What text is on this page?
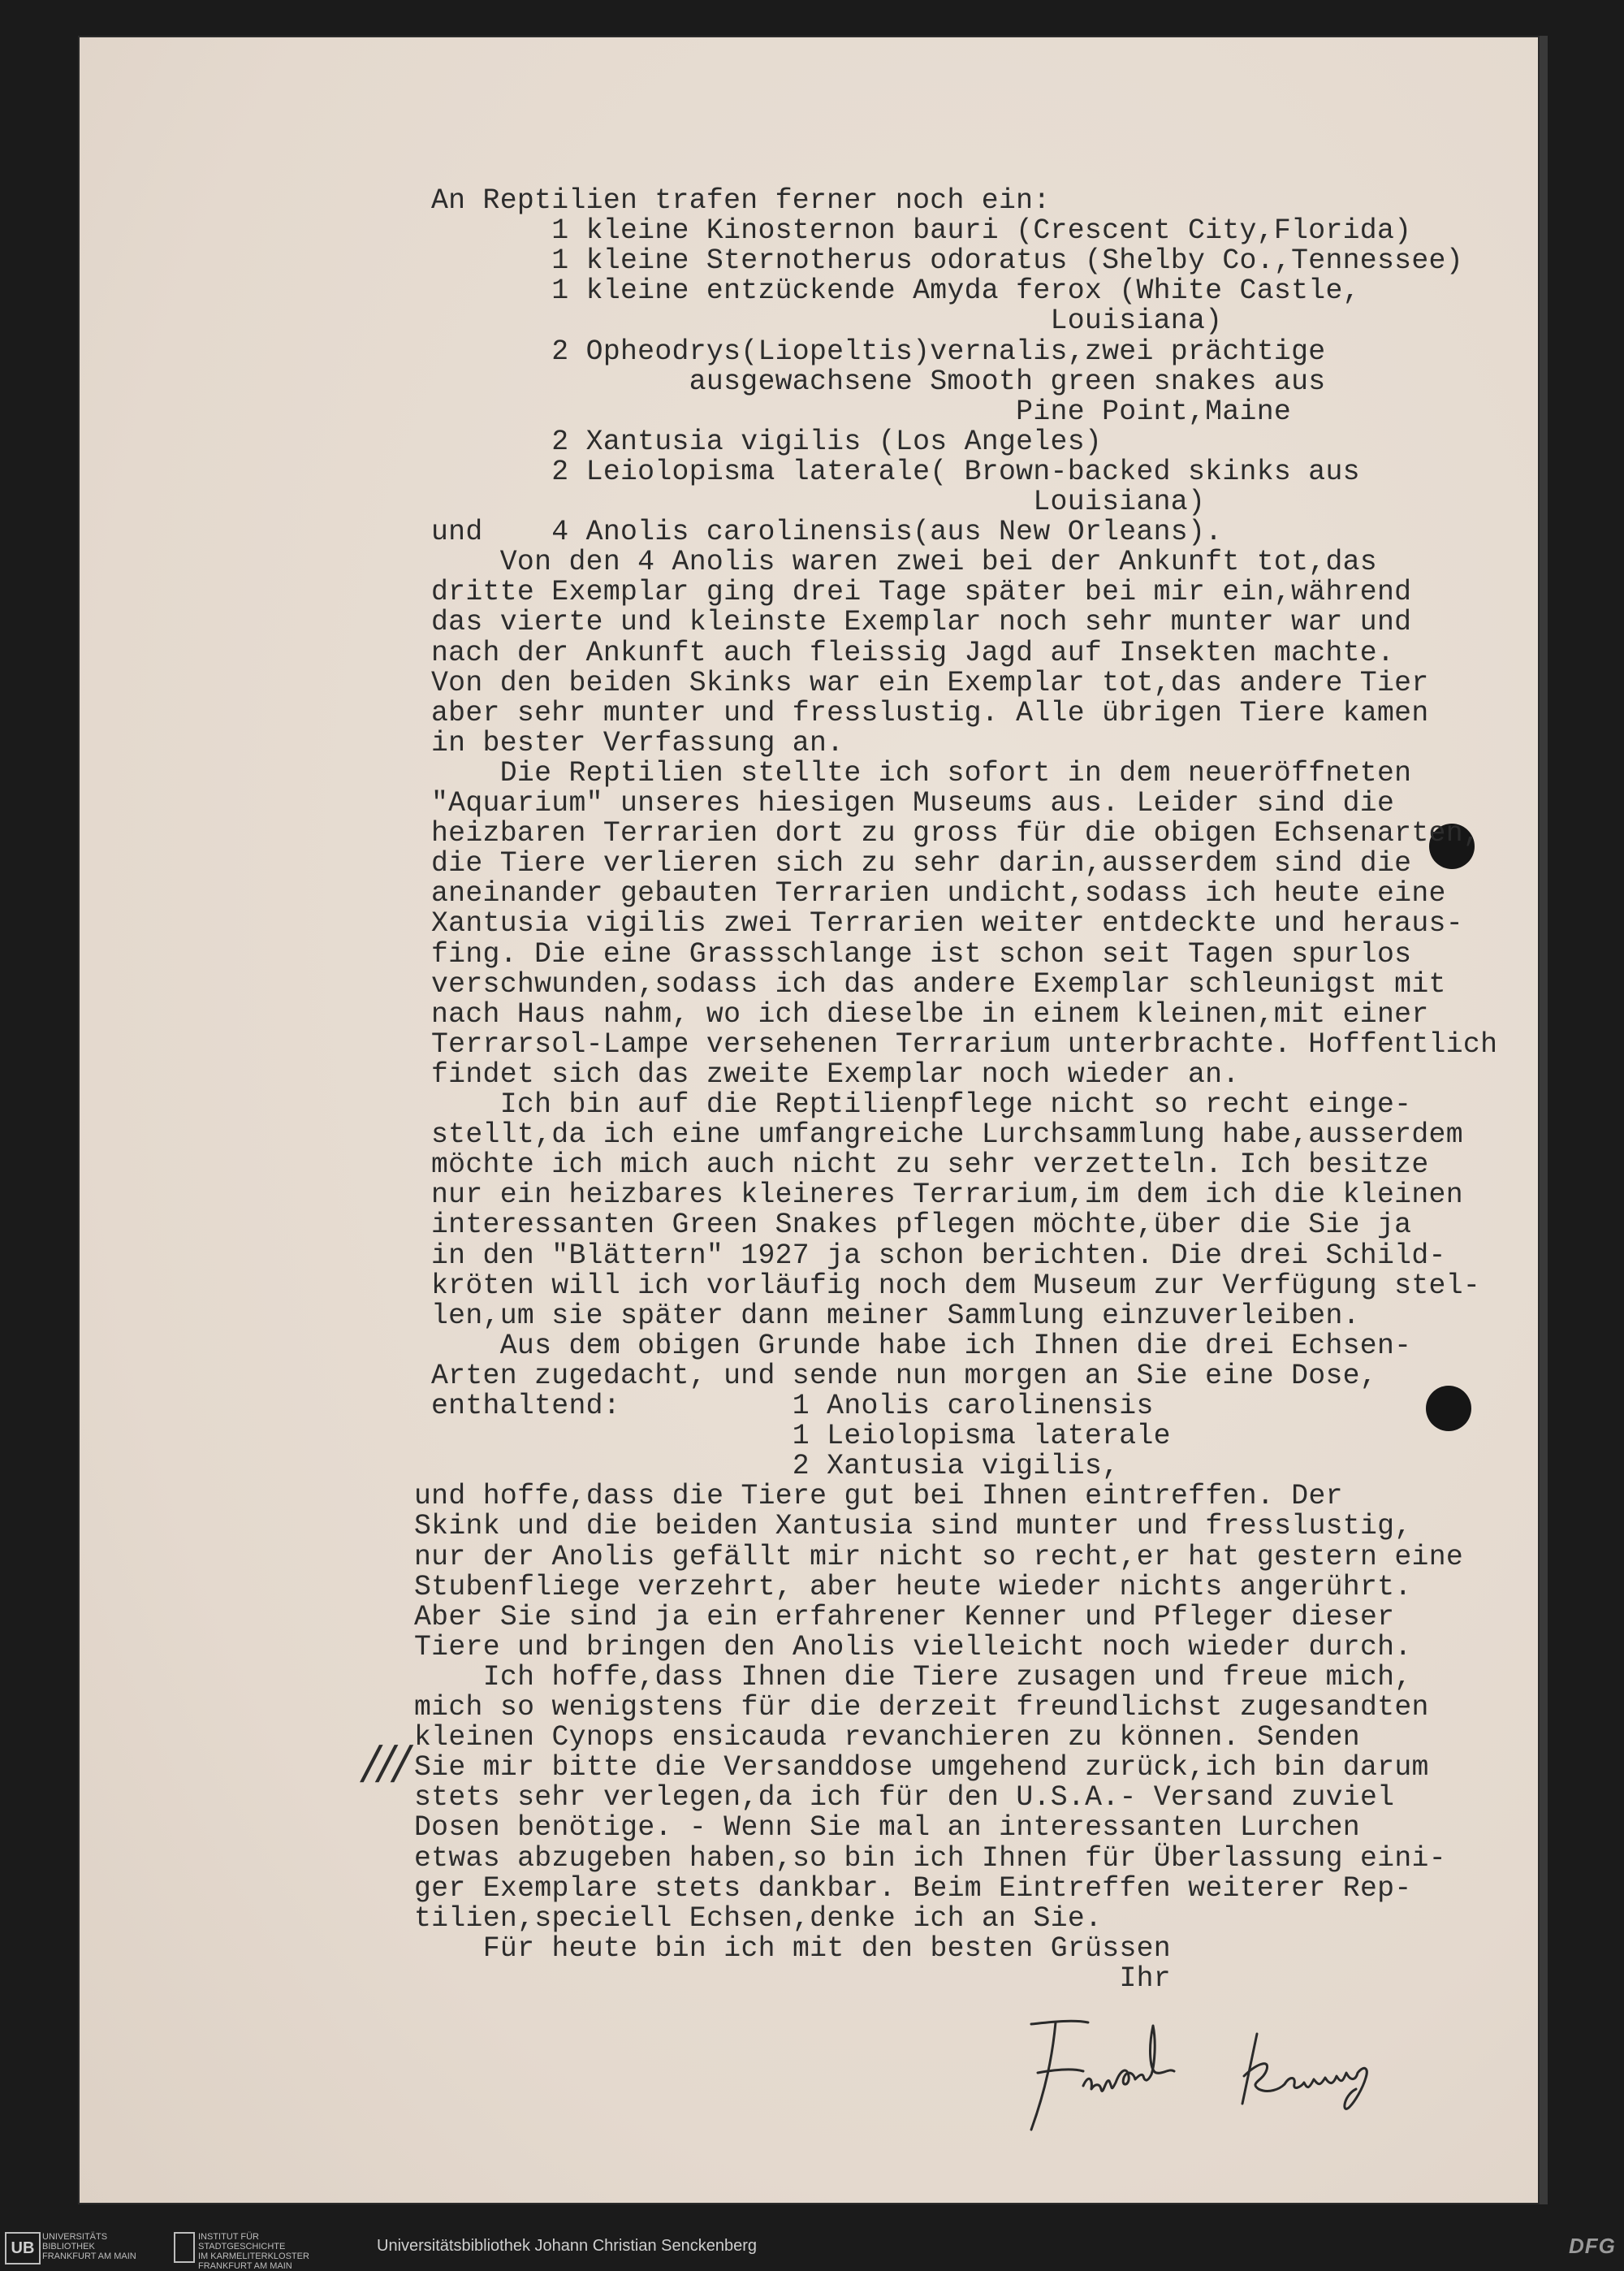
An Reptilien trafen ferner noch ein:
1 kleine Kinosternon bauri (Crescent City,Florida)
1 kleine Sternotherus odoratus (Shelby Co.,Tennessee)
1 kleine entzückende Amyda ferox (White Castle,
Louisiana)
2 Opheodrys(Liopeltis)vernalis,zwei prächtige
ausgewachsene Smooth green snakes aus
Pine Point,Maine
2 Xantusia vigilis (Los Angeles)
2 Leiolopisma laterale( Brown-backed skinks aus
Louisiana)
und    4 Anolis carolinensis(aus New Orleans).
Von den 4 Anolis waren zwei bei der Ankunft tot,das
dritte Exemplar ging drei Tage später bei mir ein,während
das vierte und kleinste Exemplar noch sehr munter war und
nach der Ankunft auch fleissig Jagd auf Insekten machte.
Von den beiden Skinks war ein Exemplar tot,das andere Tier
aber sehr munter und fresslustig. Alle übrigen Tiere kamen
in bester Verfassung an.
Die Reptilien stellte ich sofort in dem neueröffneten
"Aquarium" unseres hiesigen Museums aus. Leider sind die
heizbaren Terrarien dort zu gross für die obigen Echsenarten,
die Tiere verlieren sich zu sehr darin,ausserdem sind die
aneinander gebauten Terrarien undicht,sodass ich heute eine
Xantusia vigilis zwei Terrarien weiter entdeckte und heraus-
fing. Die eine Grassschlange ist schon seit Tagen spurlos
verschwunden,sodass ich das andere Exemplar schleunigst mit
nach Haus nahm, wo ich dieselbe in einem kleinen,mit einer
Terrarsol-Lampe versehenen Terrarium unterbrachte. Hoffentlich
findet sich das zweite Exemplar noch wieder an.
Ich bin auf die Reptilienpflege nicht so recht einge-
stellt,da ich eine umfangreiche Lurchsammlung habe,ausserdem
möchte ich mich auch nicht zu sehr verzetteln. Ich besitze
nur ein heizbares kleineres Terrarium,im dem ich die kleinen
interessanten Green Snakes pflegen möchte,über die Sie ja
in den "Blättern" 1927 ja schon berichten. Die drei Schild-
kröten will ich vorläufig noch dem Museum zur Verfügung stel-
len,um sie später dann meiner Sammlung einzuverleiben.
Aus dem obigen Grunde habe ich Ihnen die drei Echsen-
Arten zugedacht, und sende nun morgen an Sie eine Dose,
enthaltend:          1 Anolis carolinensis
1 Leiolopisma laterale
2 Xantusia vigilis,
und hoffe,dass die Tiere gut bei Ihnen eintreffen. Der
Skink und die beiden Xantusia sind munter und fresslustig,
nur der Anolis gefällt mir nicht so recht,er hat gestern eine
Stubenfliege verzehrt, aber heute wieder nichts angerührt.
Aber Sie sind ja ein erfahrener Kenner und Pfleger dieser
Tiere und bringen den Anolis vielleicht noch wieder durch.
Ich hoffe,dass Ihnen die Tiere zusagen und freue mich,
mich so wenigstens für die derzeit freundlichst zugesandten
kleinen Cynops ensicauda revanchieren zu können. Senden
Sie mir bitte die Versanddose umgehend zurück,ich bin darum
stets sehr verlegen,da ich für den U.S.A.- Versand zuviel
Dosen benötige. - Wenn Sie mal an interessanten Lurchen
etwas abzugeben haben,so bin ich Ihnen für Überlassung eini-
ger Exemplare stets dankbar. Beim Eintreffen weiterer Rep-
tilien,speciell Echsen,denke ich an Sie.
Für heute bin ich mit den besten Grüssen
Ihr
///
UB
UNIVERSITÄTS
BIBLIOTHEK
FRANKFURT AM MAIN
INSTITUT FÜR
STADTGESCHICHTE
IM KARMELITERKLOSTER
FRANKFURT AM MAIN
Universitätsbibliothek Johann Christian Senckenberg	DFG
